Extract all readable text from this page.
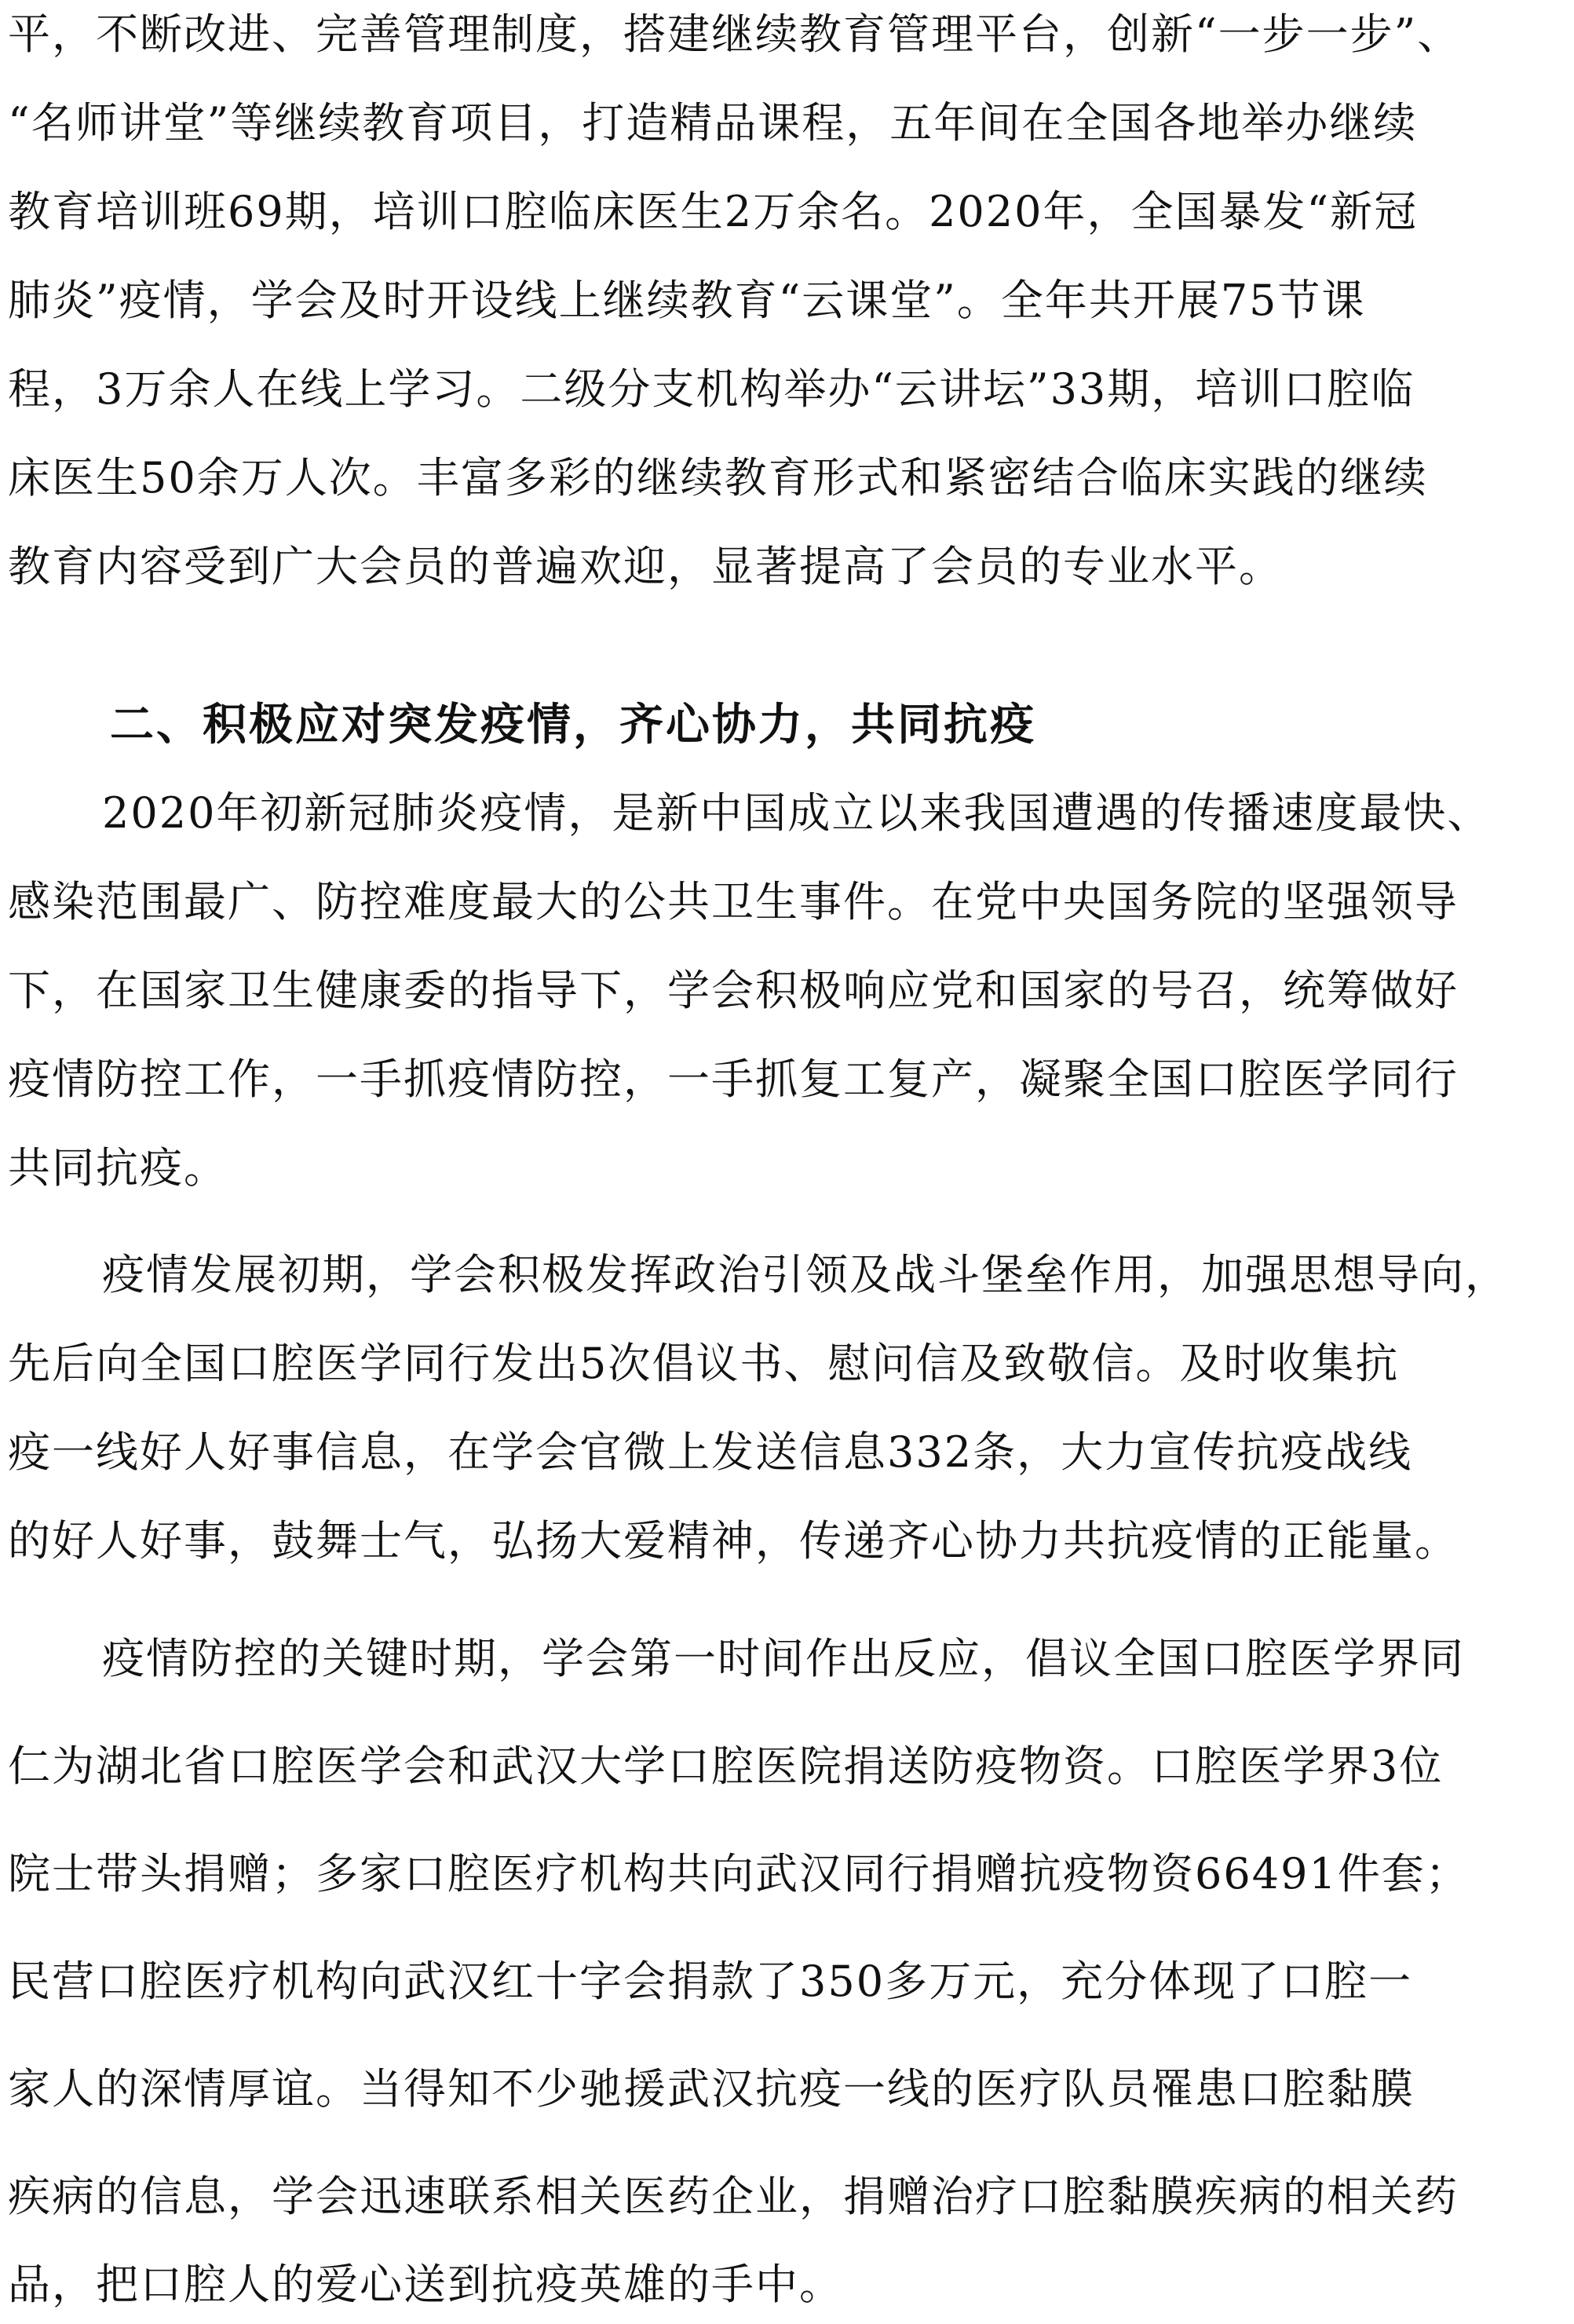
平，不断改进、完善管理制度，搭建继续教育管理平台，创新“一步一步”、
“名师讲堂”等继续教育项目，打造精品课程，五年间在全国各地举办继续
教育培训班69期，培训口腔临床医生2万余名。2020年，全国暴发“新冠
肺炎”疫情，学会及时开设线上继续教育“云课堂”。全年共开展75节课
程，3万余人在线上学习。二级分支机构举办“云讲坛”33期，培训口腔临
床医生50余万人次。丰富多彩的继续教育形式和紧密结合临床实践的继续
教育内容受到广大会员的普遍欢迎，显著提高了会员的专业水平。
二、积极应对突发疫情，齐心协力，共同抗疫
2020年初新冠肺炎疫情，是新中国成立以来我国遭遇的传播速度最快、
感染范围最广、防控难度最大的公共卫生事件。在党中央国务院的坚强领导
下，在国家卫生健康委的指导下，学会积极响应党和国家的号召，统筹做好
疫情防控工作，一手抓疫情防控，一手抓复工复产，凝聚全国口腔医学同行
共同抗疫。
疫情发展初期，学会积极发挥政治引领及战斗堡垒作用，加强思想导向，
先后向全国口腔医学同行发出5次倡议书、慰问信及致敬信。及时收集抗
疫一线好人好事信息，在学会官微上发送信息332条，大力宣传抗疫战线
的好人好事，鼓舞士气，弘扬大爱精神，传递齐心协力共抗疫情的正能量。
疫情防控的关键时期，学会第一时间作出反应，倡议全国口腔医学界同
仁为湖北省口腔医学会和武汉大学口腔医院捐送防疫物资。口腔医学界3位
院士带头捐赠；多家口腔医疗机构共向武汉同行捐赠抗疫物资66491件套；
民营口腔医疗机构向武汉红十字会捐款了350多万元，充分体现了口腔一
家人的深情厚谊。当得知不少驰援武汉抗疫一线的医疗队员罹患口腔黏膜
疾病的信息，学会迅速联系相关医药企业，捐赠治疗口腔黏膜疾病的相关药
品，把口腔人的爱心送到抗疫英雄的手中。
